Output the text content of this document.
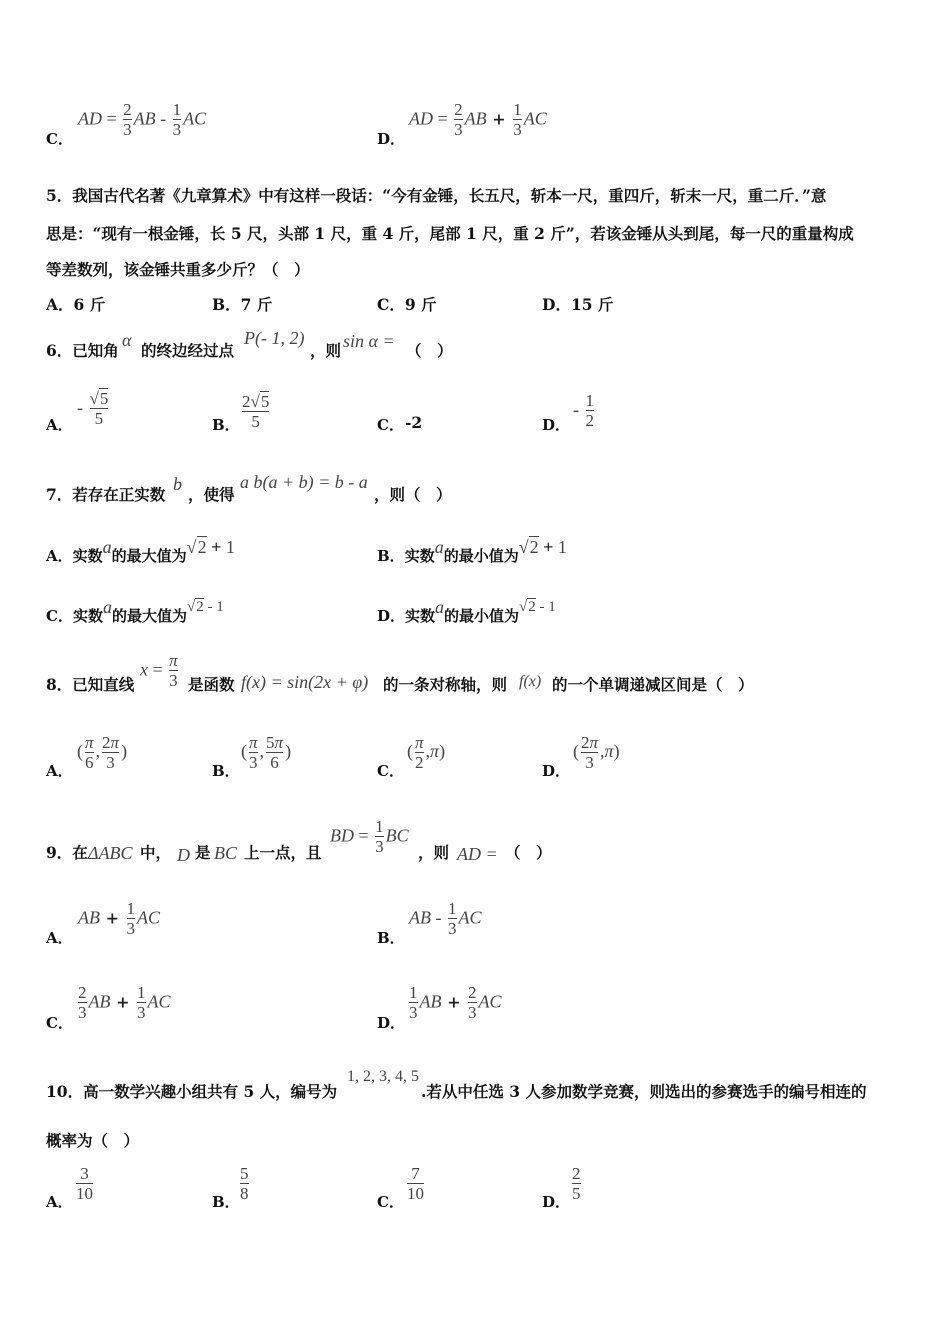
C．
AD = $\frac{2}{3}$ AB - $\frac{1}{3}$ AC
D．
AD = $\frac{2}{3}$ AB + $\frac{1}{3}$ AC
5．我国古代名著《九章算术》中有这样一段话：“今有金锤，长五尺，斩本一尺，重四斤，斩末一尺，重二斤．”意
思是：“现有一根金锤，长 5 尺，头部 1 尺，重 4 斤，尾部 1 尺，重 2 斤”，若该金锤从头到尾，每一尺的重量构成
等差数列，该金锤共重多少斤？（　）
A．6 斤	B．7 斤	C．9 斤	D．15 斤
6．已知角
α
的终边经过点
P(- 1, 2)
，则 sin α = （　）
A．
- $\frac{√5}{5}$	B． $\frac{2√5}{5}$	C． -2	D．
- $\frac{1}{2}$
7．若存在正实数
b
，使得
a b(a + b) = b - a
，则（　）
A．实数a的最大值为√2 + 1	B．实数a的最小值为√2 + 1
C．实数a的最大值为√2 - 1	D．实数a的最小值为√2 - 1
8．已知直线
$x = \frac{\pi}{3}$ 是函数 f(x) = sin(2x + φ) 的一条对称轴，则 f(x) 的一个单调递减区间是（　）
A．
( $\frac{\pi}{6}$ , $\frac{2\pi}{3}$ )
B．
( $\frac{\pi}{3}$ , $\frac{5\pi}{6}$ )
C．
( $\frac{\pi}{2} ,\pi$)
D．
( $\frac{2\pi}{3} ,\pi$)
9．在 ΔABC 中， D 是 BC 上一点，且
BD = $\frac{1}{3}$ BC
，则 AD = （　）
A．
AB + $\frac{1}{3}$ AC
B．
AB - $\frac{1}{3}$ AC
C．
$\frac{2}{3}$ AB + $\frac{1}{3}$ AC
D．
$\frac{1}{3}$ AB + $\frac{2}{3}$ AC
10．高一数学兴趣小组共有 5 人，编号为
1, 2, 3, 4, 5
.若从中任选 3 人参加数学竞赛，则选出的参赛选手的编号相连的
概率为（　）
A． $\frac{3}{10}$	B． $\frac{5}{8}$	C． $\frac{7}{10}$	D． $\frac{2}{5}$
